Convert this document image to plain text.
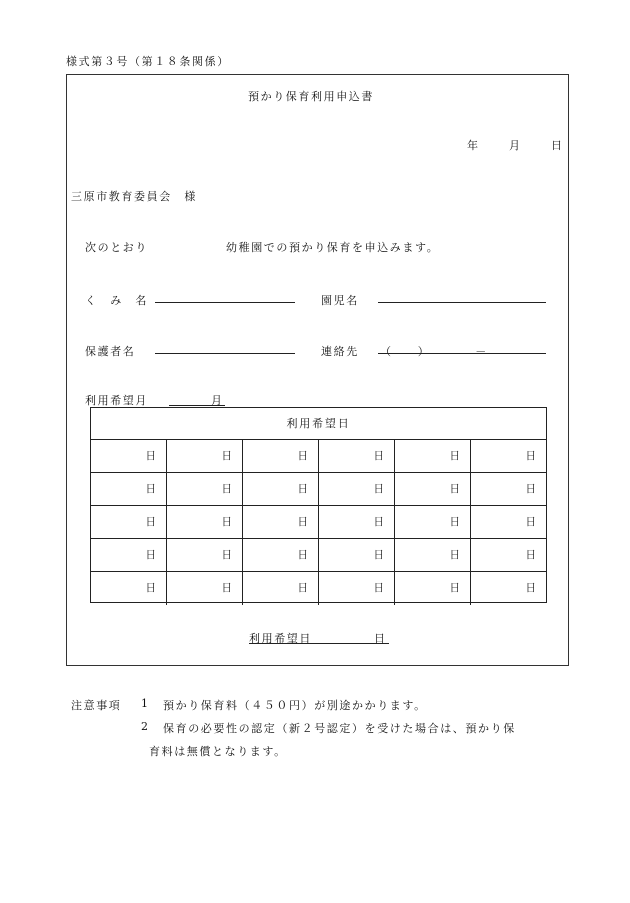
様式第３号（第１８条関係）
預かり保育利用申込書
年	月	日
三原市教育委員会　様
次のとおり	幼稚園での預かり保育を申込みます。
く　み　名	園児名
保護者名	連絡先 （　　）　　　　－
利用希望月	月
利用希望日
日	日	日	日	日	日
日	日	日	日	日	日
日	日	日	日	日	日
日	日	日	日	日	日
日	日	日	日	日	日
利用希望日	日
注意事項 1 預かり保育料（４５０円）が別途かかります。
2 保育の必要性の認定（新２号認定）を受けた場合は、預かり保
育料は無償となります。
